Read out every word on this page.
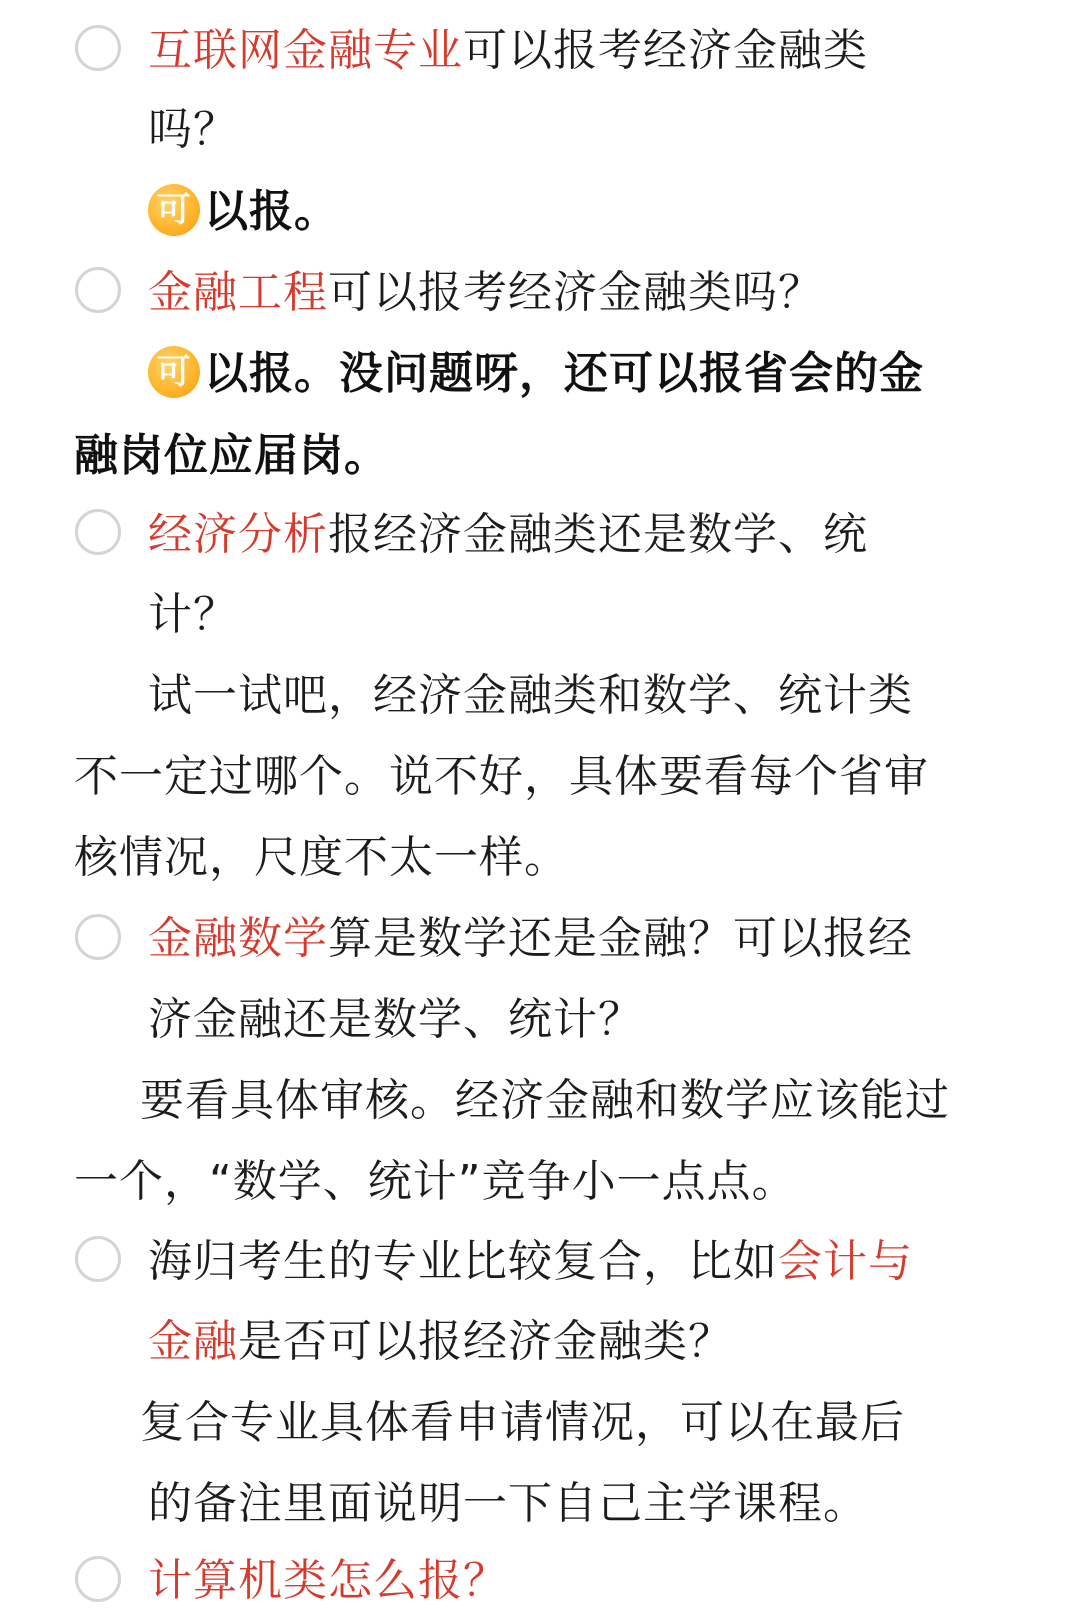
互联网金融专业可以报考经济金融类
吗？
可 以报。
金融工程可以报考经济金融类吗？
可 以报。没问题呀，还可以报省会的金
融岗位应届岗。
经济分析报经济金融类还是数学、统
计？
试一试吧，经济金融类和数学、统计类
不一定过哪个。说不好，具体要看每个省审
核情况，尺度不太一样。
金融数学算是数学还是金融？可以报经
济金融还是数学、统计？
要看具体审核。经济金融和数学应该能过
一个，“数学、统计”竞争小一点点。
海归考生的专业比较复合，比如会计与
金融是否可以报经济金融类？
复合专业具体看申请情况，可以在最后
的备注里面说明一下自己主学课程。
计算机类怎么报？
